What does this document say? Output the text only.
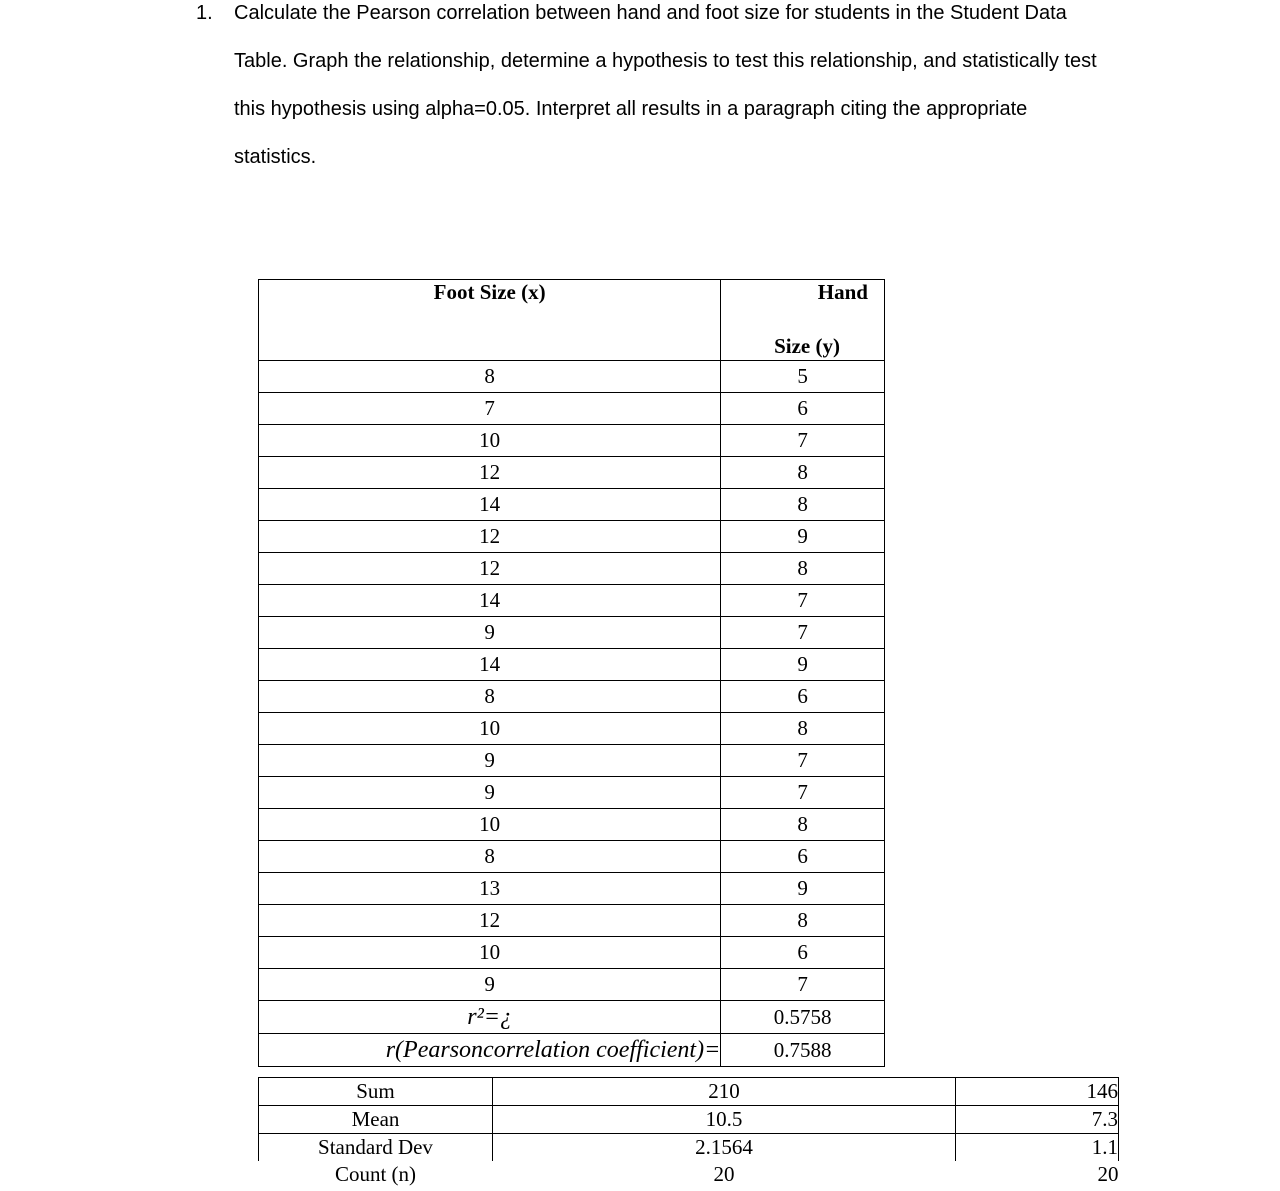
1. Calculate the Pearson correlation between hand and foot size for students in the Student Data Table. Graph the relationship, determine a hypothesis to test this relationship, and statistically test this hypothesis using alpha=0.05. Interpret all results in a paragraph citing the appropriate statistics.
Foot Size (x)	Hand
Size (y)

8	5
7	6
10	7
12	8
14	8
12	9
12	8
14	7
9	7
14	9
8	6
10	8
9	7
9	7
10	8
8	6
13	9
12	8
10	6
9	7
r²=¿	0.5758
r(Pearsoncorrelation coefficient)=	0.7588
Sum	210	146
Mean	10.5	7.3
Standard Dev	2.1564	1.1
Count (n)	20	20
